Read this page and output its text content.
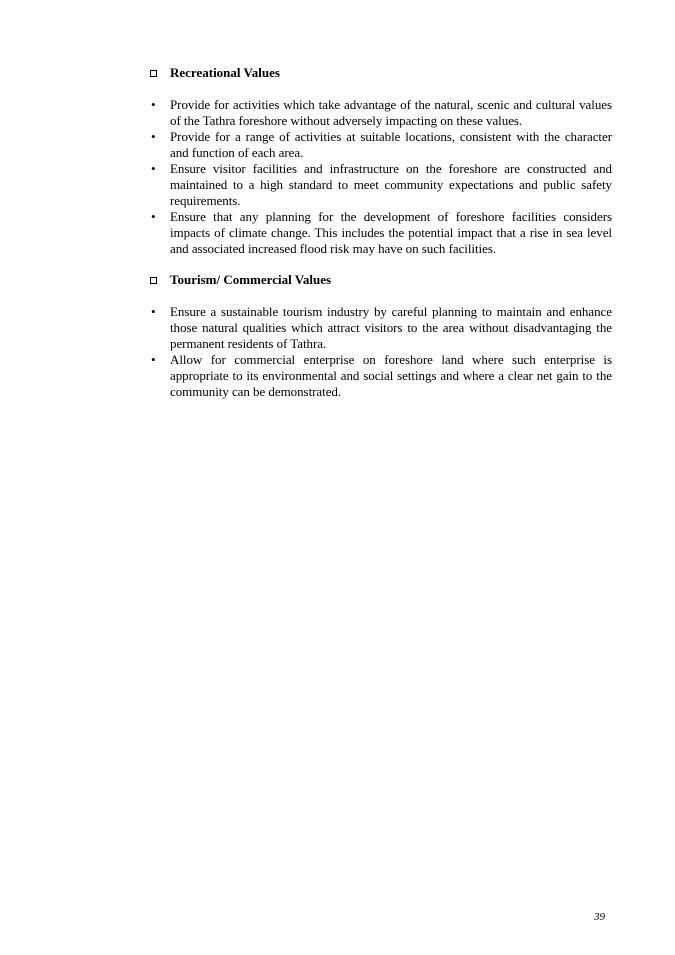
Recreational Values
•	Provide for activities which take advantage of the natural, scenic and cultural values of the Tathra foreshore without adversely impacting on these values.
•	Provide for a range of activities at suitable locations, consistent with the character and function of each area.
•	Ensure visitor facilities and infrastructure on the foreshore are constructed and maintained to a high standard to meet community expectations and public safety requirements.
•	Ensure that any planning for the development of foreshore facilities considers impacts of climate change. This includes the potential impact that a rise in sea level and associated increased flood risk may have on such facilities.
Tourism/ Commercial Values
•	Ensure a sustainable tourism industry by careful planning to maintain and enhance those natural qualities which attract visitors to the area without disadvantaging the permanent residents of Tathra.
•	Allow for commercial enterprise on foreshore land where such enterprise is appropriate to its environmental and social settings and where a clear net gain to the community can be demonstrated.
39
